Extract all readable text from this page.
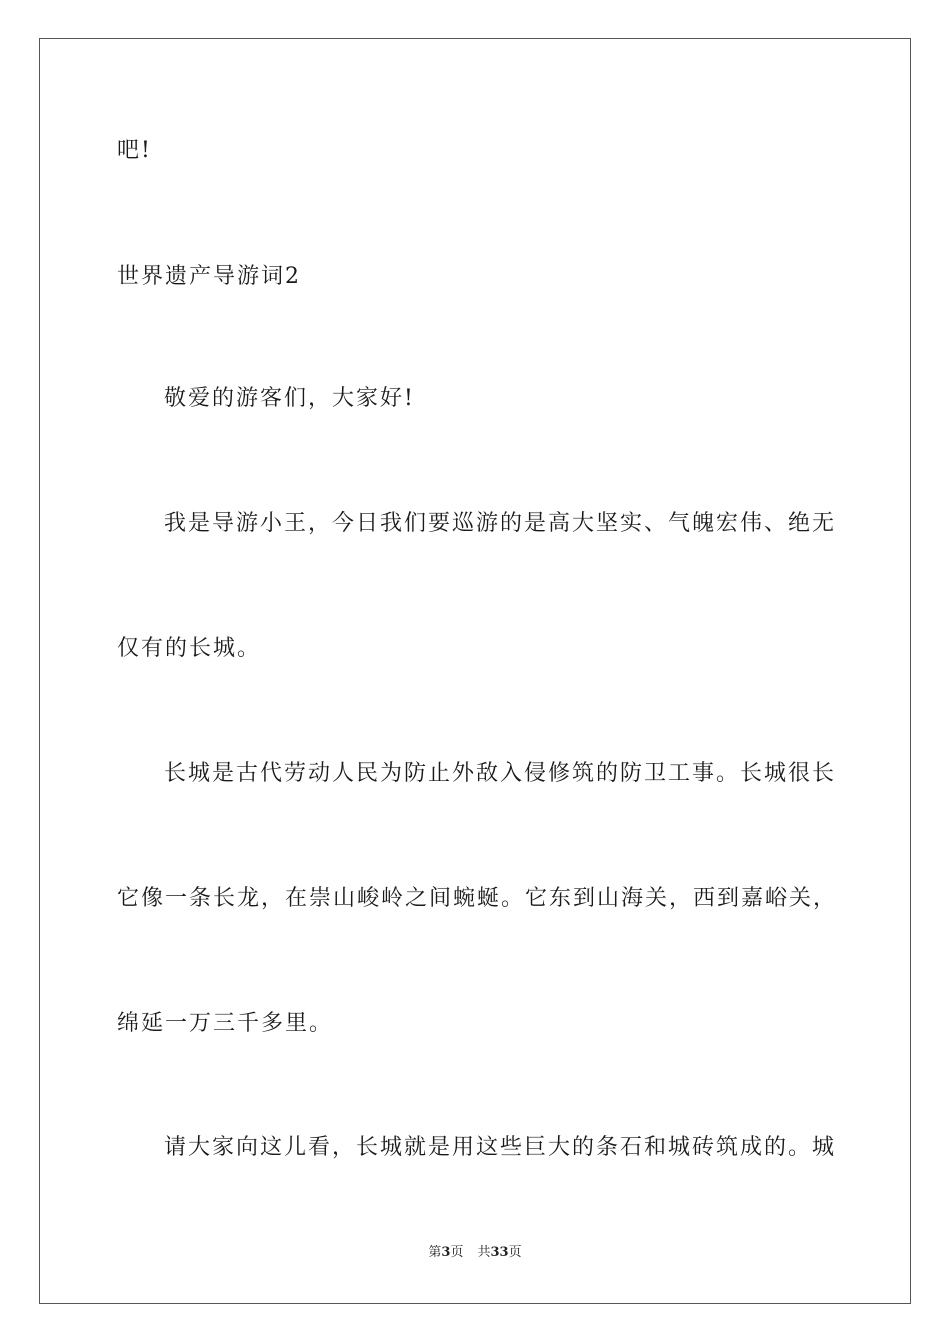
吧!
世界遗产导游词2
敬爱的游客们，大家好!
我是导游小王，今日我们要巡游的是高大坚实、气魄宏伟、绝无
仅有的长城。
长城是古代劳动人民为防止外敌入侵修筑的防卫工事。长城很长
它像一条长龙，在崇山峻岭之间蜿蜒。它东到山海关，西到嘉峪关，
绵延一万三千多里。
请大家向这儿看，长城就是用这些巨大的条石和城砖筑成的。城
第3页 共33页
